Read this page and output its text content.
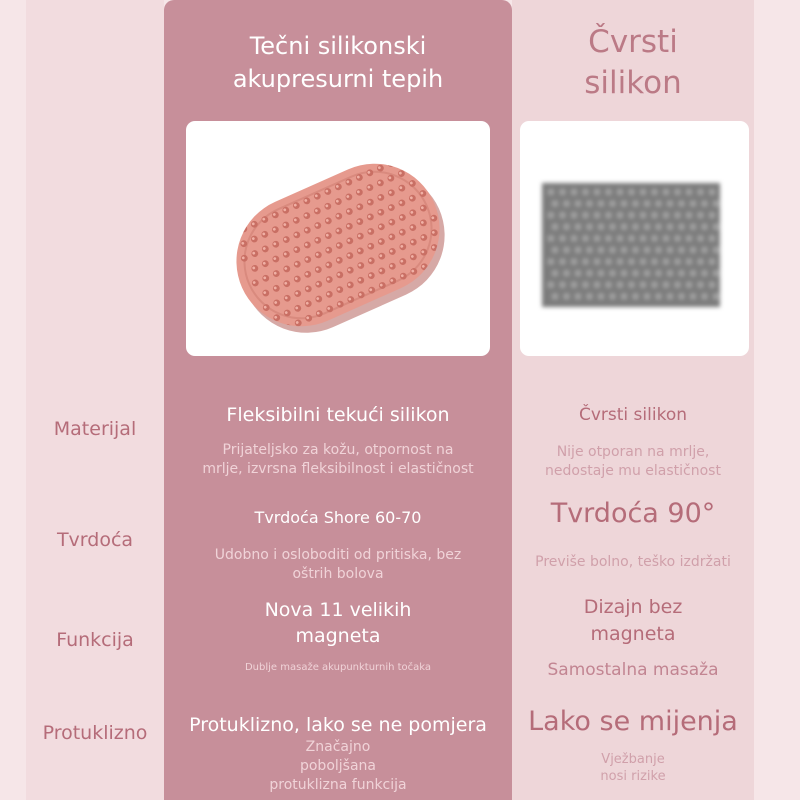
Tečni silikonski
akupresurni tepih
Čvrsti
silikon
Materijal
Tvrdoća
Funkcija
Protuklizno
Fleksibilni tekući silikon
Prijateljsko za kožu, otpornost na
mrlje, izvrsna fleksibilnost i elastičnost
Čvrsti silikon
Nije otporan na mrlje,
nedostaje mu elastičnost
Tvrdoća Shore 60-70
Udobno i osloboditi od pritiska, bez
oštrih bolova
Tvrdoća 90°
Previše bolno, teško izdržati
Nova 11 velikih
magneta
Dublje masaže akupunkturnih točaka
Dizajn bez
magneta
Samostalna masaža
Protuklizno, lako se ne pomjera
Značajno
poboljšana
protuklizna funkcija
Lako se mijenja
Vježbanje
nosi rizike
